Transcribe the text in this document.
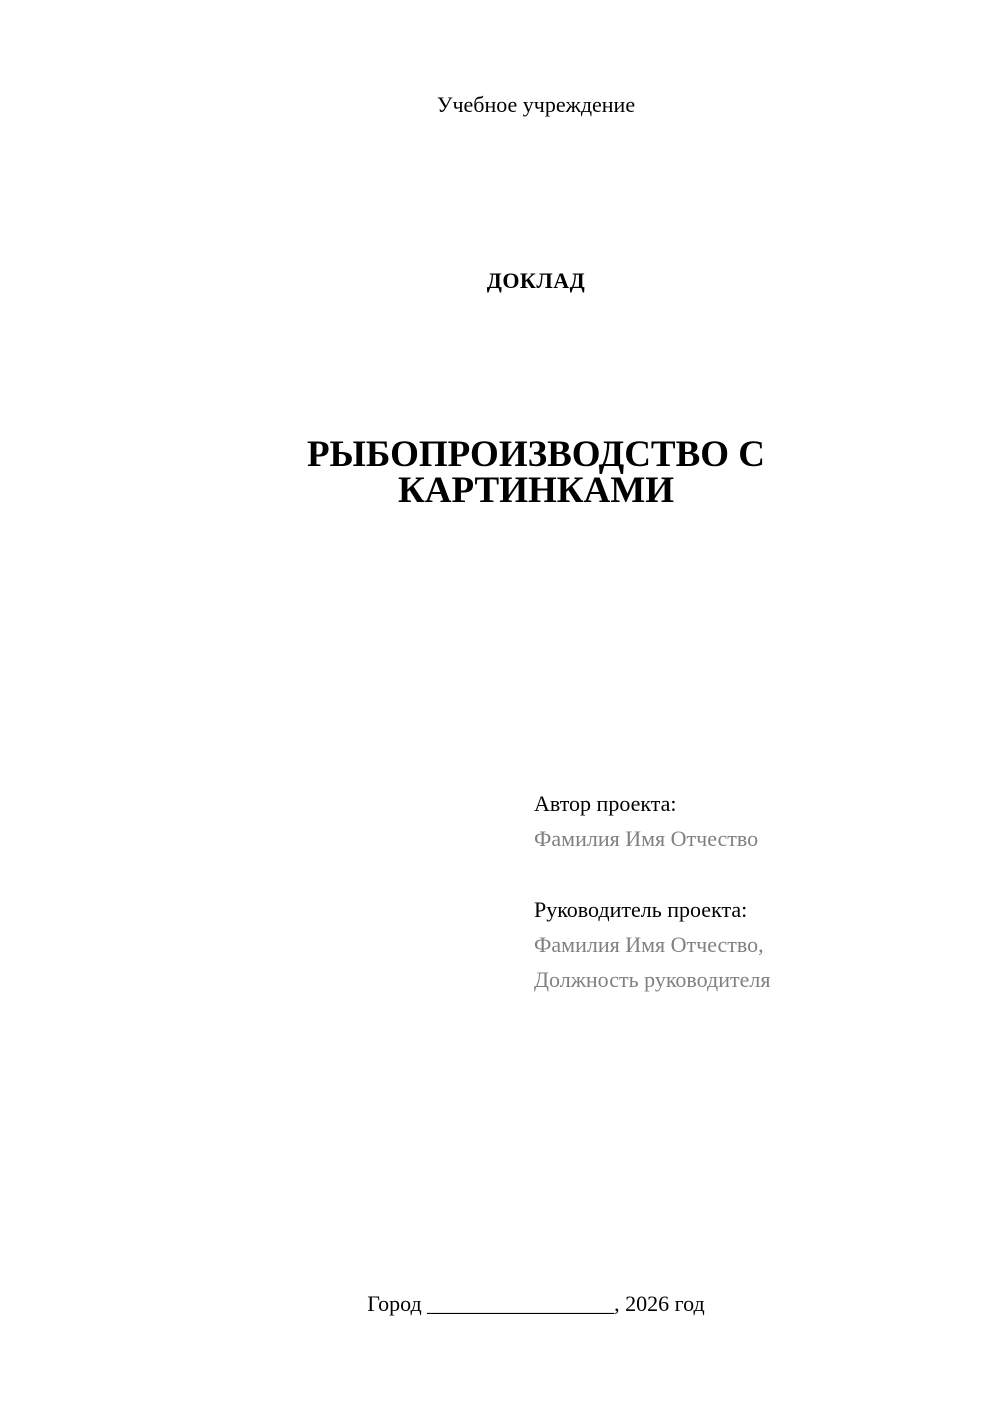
Учебное учреждение
ДОКЛАД
РЫБОПРОИЗВОДСТВО С
КАРТИНКАМИ
Автор проекта:
Фамилия Имя Отчество
Руководитель проекта:
Фамилия Имя Отчество,
Должность руководителя
Город _________________, 2026 год
